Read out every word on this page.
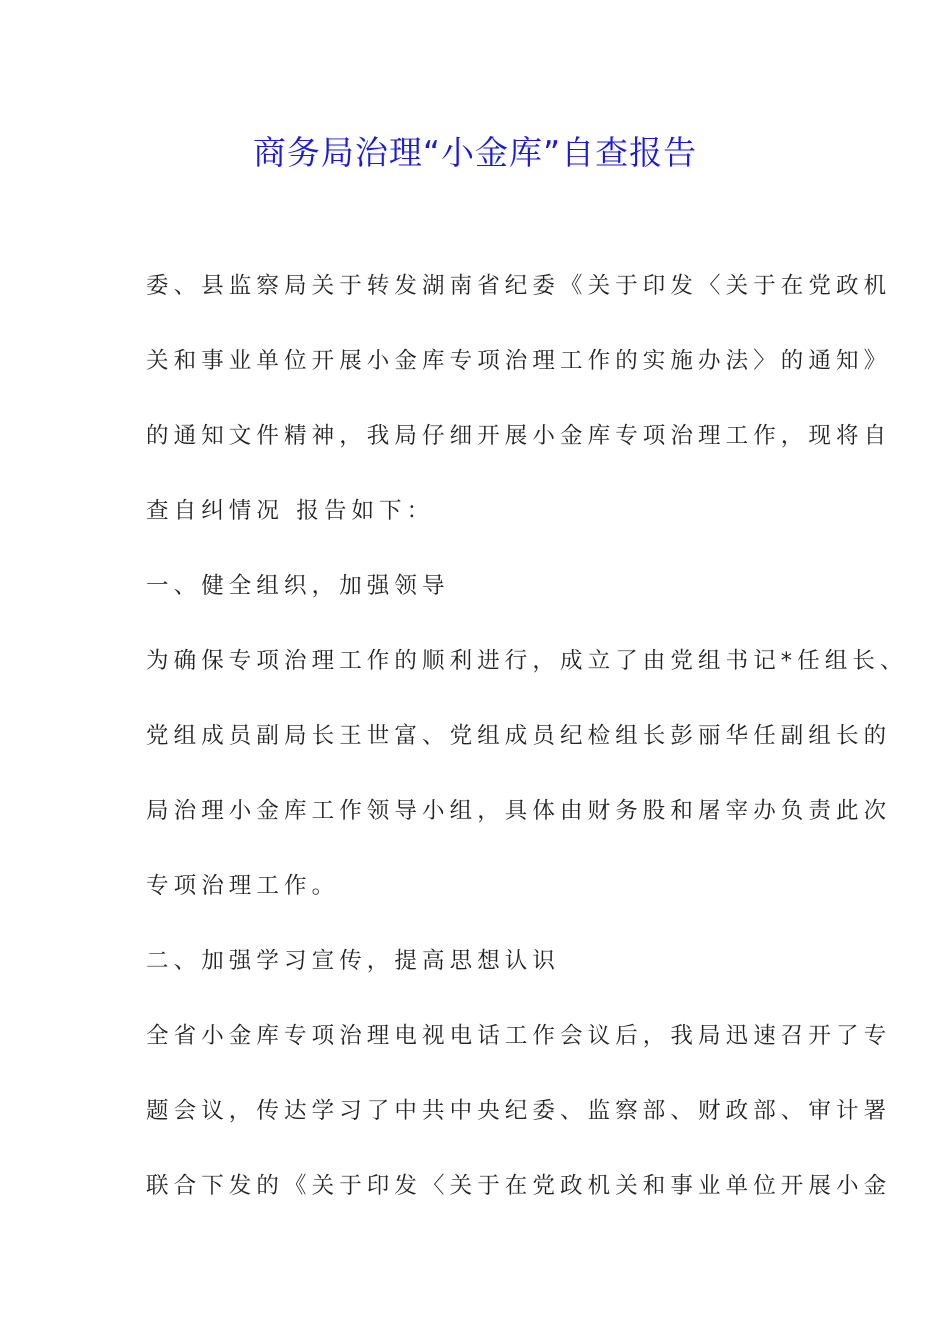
商务局治理“小金库”自查报告
委、县监察局关于转发湖南省纪委《关于印发〈关于在党政机
关和事业单位开展小金库专项治理工作的实施办法〉的通知》
的通知文件精神，我局仔细开展小金库专项治理工作，现将自
查自纠情况 报告如下：
一、健全组织，加强领导
为确保专项治理工作的顺利进行，成立了由党组书记*任组长、
党组成员副局长王世富、党组成员纪检组长彭丽华任副组长的
局治理小金库工作领导小组，具体由财务股和屠宰办负责此次
专项治理工作。
二、加强学习宣传，提高思想认识
全省小金库专项治理电视电话工作会议后，我局迅速召开了专
题会议，传达学习了中共中央纪委、监察部、财政部、审计署
联合下发的《关于印发〈关于在党政机关和事业单位开展小金
